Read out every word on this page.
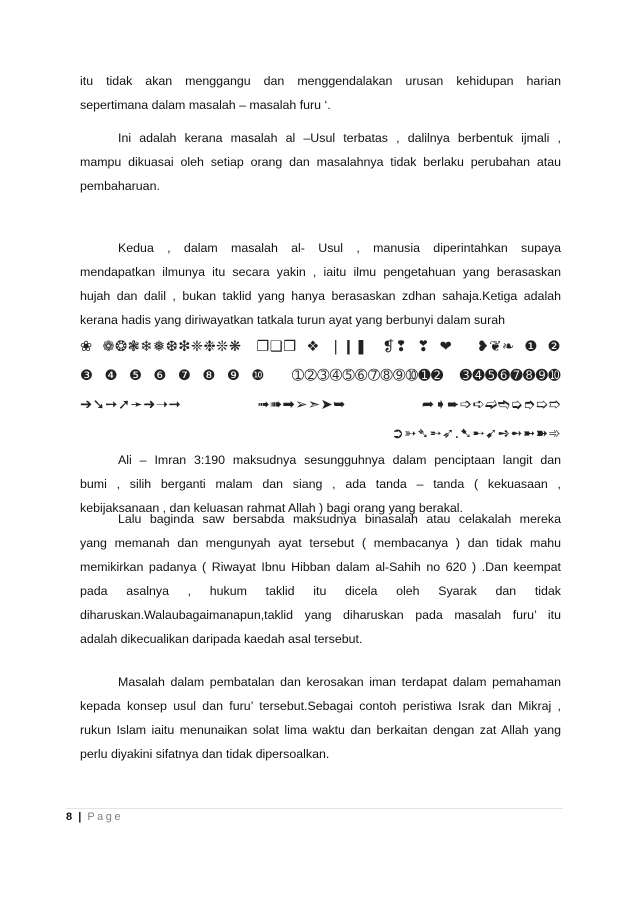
itu tidak akan menggangu dan menggendalakan urusan kehidupan harian
sepertimana dalam masalah – masalah furu ‘.
Ini adalah kerana masalah al –Usul terbatas , dalilnya berbentuk ijmali ,
mampu dikuasai oleh setiap orang dan masalahnya tidak berlaku perubahan atau
pembaharuan.
Kedua , dalam masalah al- Usul , manusia diperintahkan supaya
mendapatkan ilmunya itu secara yakin , iaitu ilmu pengetahuan yang berasaskan
hujah dan dalil , bukan taklid yang hanya berasaskan zdhan sahaja.Ketiga adalah
kerana hadis yang diriwayatkan tatkala turun ayat yang berbunyi dalam surah
❀❁❂❃❄❅❆❇❈❉❊❋ ❐❑❒❖❘❙❚ ❡❢❣❤ ❥❦❧❶❷
❸❹❺❻❼❽❾❿ ➀➁➂➃➄➅➆➇➈➉➊➋ ➌➍➎➏➐➑➒➓
➔➘➙➚➛➜➝➞ ➟➠➡➢➣➤➥ ➦➧➨➩➪➫➬➭➮➯➱
➲➳➴➵➶.➷➸➹➺➻➼➽➾
Ali – Imran 3:190 maksudnya sesungguhnya dalam penciptaan langit dan
bumi , silih berganti malam dan siang , ada tanda – tanda ( kekuasaan ,
kebijaksanaan , dan keluasan rahmat Allah ) bagi orang yang berakal.
Lalu baginda saw bersabda maksudnya binasalah atau celakalah mereka
yang memanah dan mengunyah ayat tersebut ( membacanya ) dan tidak mahu
memikirkan padanya ( Riwayat Ibnu Hibban dalam al-Sahih no 620 ) .Dan keempat
pada asalnya , hukum taklid itu dicela oleh Syarak dan tidak
diharuskan.Walaubagaimanapun,taklid yang diharuskan pada masalah furu’ itu
adalah dikecualikan daripada kaedah asal tersebut.
Masalah dalam pembatalan dan kerosakan iman terdapat dalam pemahaman
kepada konsep usul dan furu’ tersebut.Sebagai contoh peristiwa Israk dan Mikraj ,
rukun Islam iaitu menunaikan solat lima waktu dan berkaitan dengan zat Allah yang
perlu diyakini sifatnya dan tidak dipersoalkan.
8 | Page
